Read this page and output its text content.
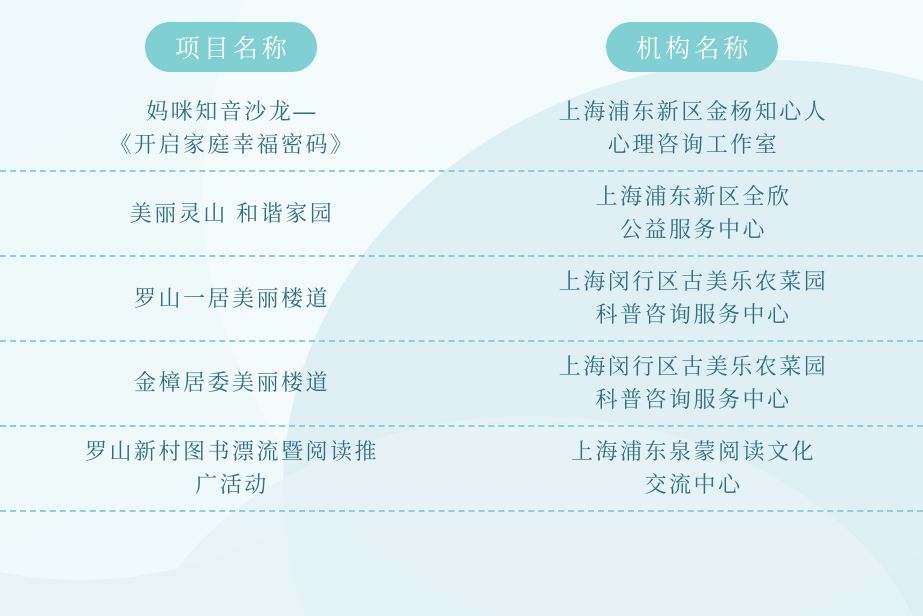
项目名称	机构名称
妈咪知音沙龙—
《开启家庭幸福密码》
上海浦东新区金杨知心人
心理咨询工作室
美丽灵山 和谐家园
上海浦东新区全欣
公益服务中心
罗山一居美丽楼道
上海闵行区古美乐农菜园
科普咨询服务中心
金樟居委美丽楼道
上海闵行区古美乐农菜园
科普咨询服务中心
罗山新村图书漂流暨阅读推
广活动
上海浦东泉蒙阅读文化
交流中心
